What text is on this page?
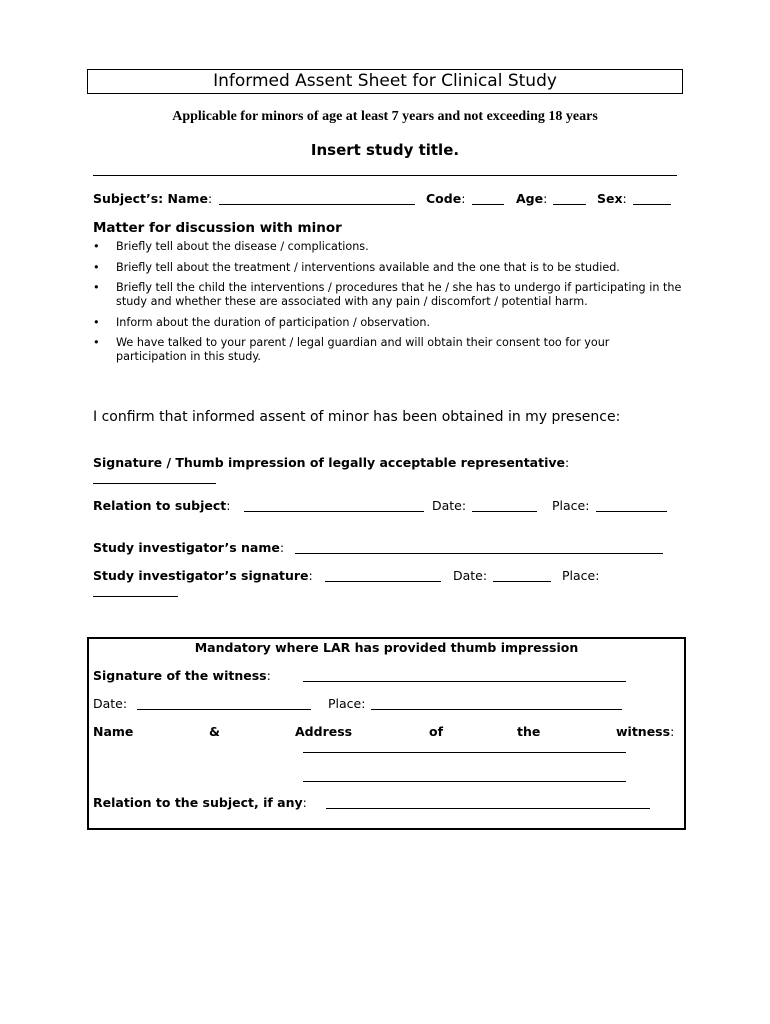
Informed Assent Sheet for Clinical Study
Applicable for minors of age at least 7 years and not exceeding 18 years
Insert study title.
Subject’s: Name:	Code:	Age:	Sex:
Matter for discussion with minor
• Briefly tell about the disease / complications.
• Briefly tell about the treatment / interventions available and the one that is to be studied.
• Briefly tell the child the interventions / procedures that he / she has to undergo if participating in the study and whether these are associated with any pain / discomfort / potential harm.
• Inform about the duration of participation / observation.
• We have talked to your parent / legal guardian and will obtain their consent too for your participation in this study.
I confirm that informed assent of minor has been obtained in my presence:
Signature / Thumb impression of legally acceptable representative:
Relation to subject:	Date:	Place:
Study investigator’s name:
Study investigator’s signature:	Date:	Place:
Mandatory where LAR has provided thumb impression
Signature of the witness:
Date:	Place:
Name	&	Address	of	the	witness:
Relation to the subject, if any:
